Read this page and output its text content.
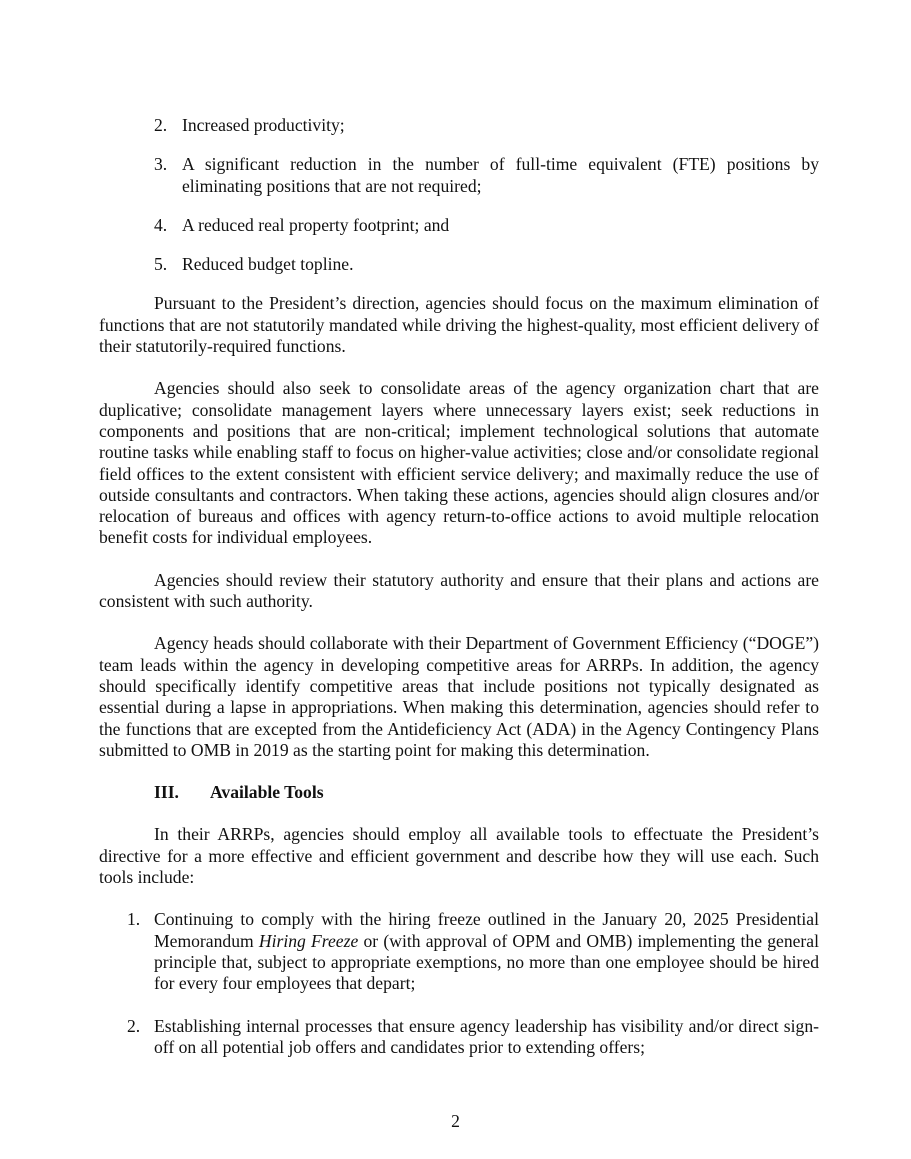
2. Increased productivity;
3. A significant reduction in the number of full-time equivalent (FTE) positions by eliminating positions that are not required;
4. A reduced real property footprint; and
5. Reduced budget topline.

Pursuant to the President’s direction, agencies should focus on the maximum elimination of functions that are not statutorily mandated while driving the highest-quality, most efficient delivery of their statutorily-required functions.

Agencies should also seek to consolidate areas of the agency organization chart that are duplicative; consolidate management layers where unnecessary layers exist; seek reductions in components and positions that are non-critical; implement technological solutions that automate routine tasks while enabling staff to focus on higher-value activities; close and/or consolidate regional field offices to the extent consistent with efficient service delivery; and maximally reduce the use of outside consultants and contractors. When taking these actions, agencies should align closures and/or relocation of bureaus and offices with agency return-to-office actions to avoid multiple relocation benefit costs for individual employees.

Agencies should review their statutory authority and ensure that their plans and actions are consistent with such authority.

Agency heads should collaborate with their Department of Government Efficiency (“DOGE”) team leads within the agency in developing competitive areas for ARRPs. In addition, the agency should specifically identify competitive areas that include positions not typically designated as essential during a lapse in appropriations. When making this determination, agencies should refer to the functions that are excepted from the Antideficiency Act (ADA) in the Agency Contingency Plans submitted to OMB in 2019 as the starting point for making this determination.

III. Available Tools

In their ARRPs, agencies should employ all available tools to effectuate the President’s directive for a more effective and efficient government and describe how they will use each. Such tools include:

1. Continuing to comply with the hiring freeze outlined in the January 20, 2025 Presidential Memorandum Hiring Freeze or (with approval of OPM and OMB) implementing the general principle that, subject to appropriate exemptions, no more than one employee should be hired for every four employees that depart;
2. Establishing internal processes that ensure agency leadership has visibility and/or direct sign-off on all potential job offers and candidates prior to extending offers;
2
